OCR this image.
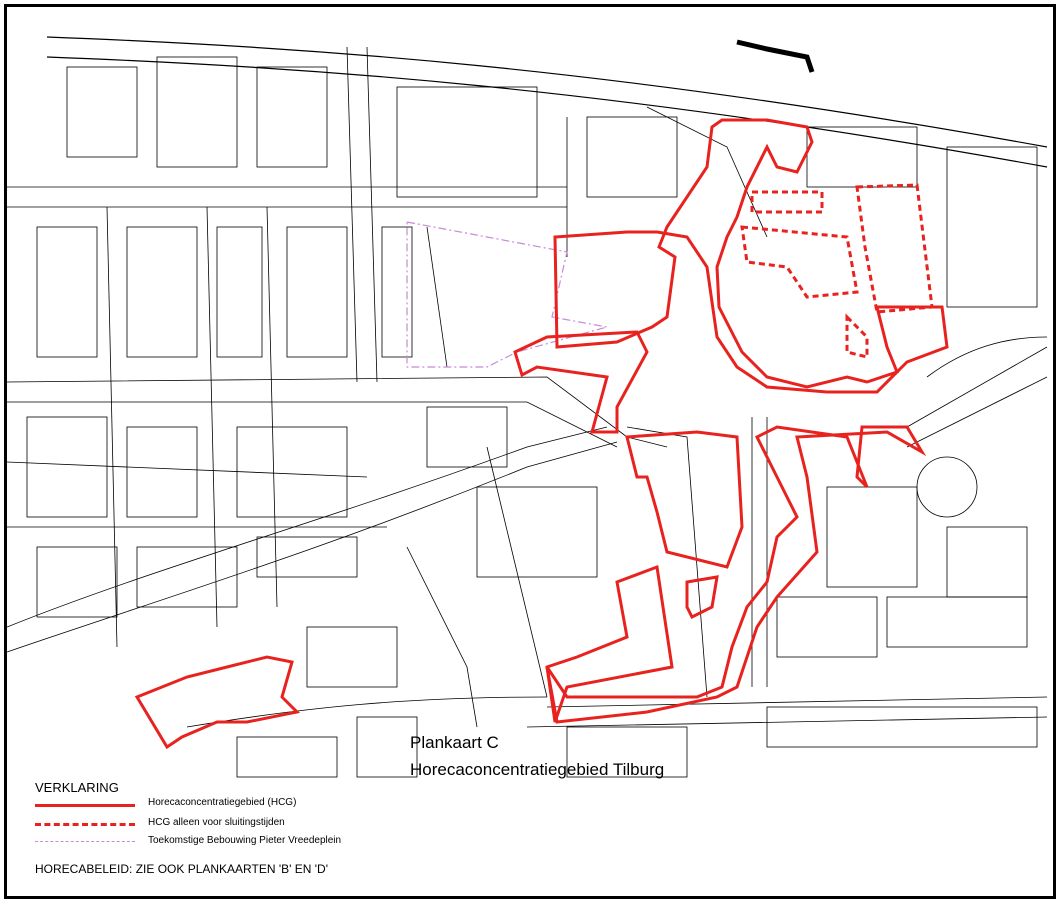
Plankaart C
Horecaconcentratiegebied Tilburg
VERKLARING
Horecaconcentratiegebied (HCG)
HCG alleen voor sluitingstijden
Toekomstige Bebouwing Pieter Vreedeplein
HORECABELEID: ZIE OOK PLANKAARTEN 'B' EN 'D'
